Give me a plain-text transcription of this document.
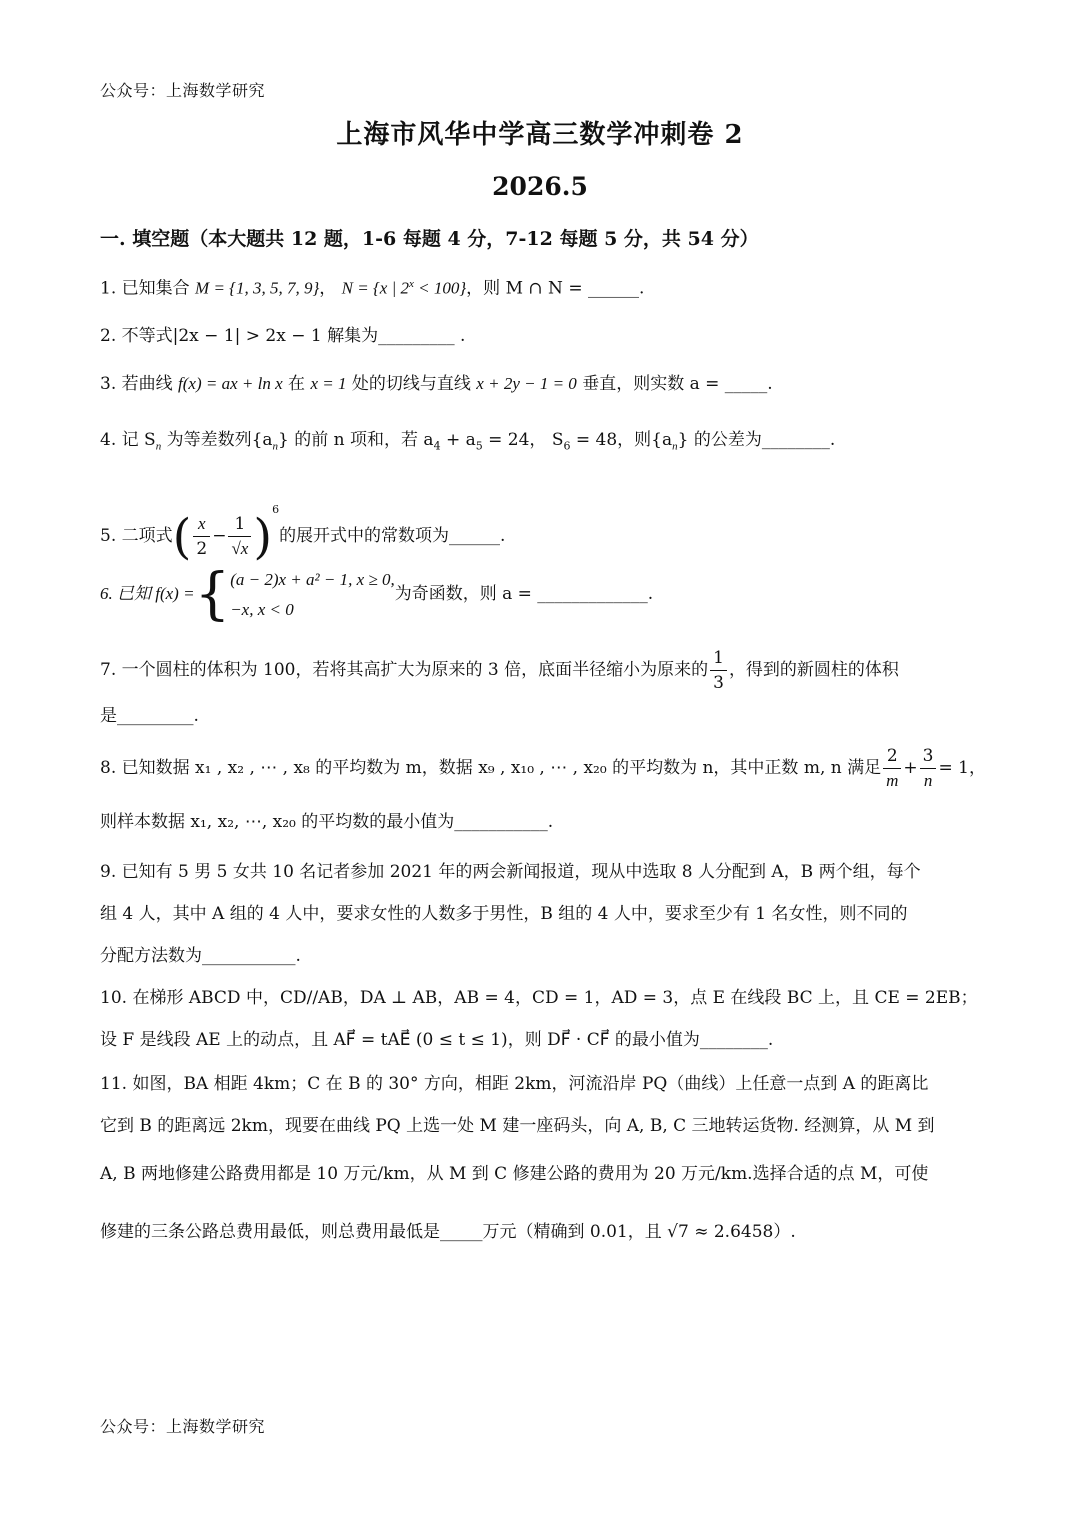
公众号：上海数学研究
上海市风华中学高三数学冲刺卷 2
2026.5
一. 填空题（本大题共 12 题，1-6 每题 4 分，7-12 每题 5 分，共 54 分）
1. 已知集合 M = {1, 3, 5, 7, 9}， N = {x | $2^x < 100$}，则 M ∩ N = ______.
2. 不等式|2x − 1| > 2x − 1 解集为_________ .
3. 若曲线 f(x) = ax + ln x 在 x = 1 处的切线与直线 x + 2y − 1 = 0 垂直，则实数 a = _____.
4. 记 $S_n$ 为等差数列$\{a_n\}$ 的前 n 项和，若 $a_4 + a_5 = 24$， $S_6 = 48$，则$\{a_n\}$ 的公差为________.
5. 二项式( $\frac{x}{2} - \frac{1}{√x} )^6$的展开式中的常数项为______.
6. 已知 f(x) ={ (a − 2)x + a² − 1, x ≥ 0,
−x, x < 0
为奇函数，则 a = _____________.
7. 一个圆柱的体积为 100，若将其高扩大为原来的 3 倍，底面半径缩小为原来的 $\frac{1}{3}$ ，得到的新圆柱的体积
是_________.
8. 已知数据 x₁ , x₂ , ⋯ , x₈ 的平均数为 m，数据 x₉ , x₁₀ , ⋯ , x₂₀ 的平均数为 n，其中正数 m, n 满足 $\frac{2}{m} + \frac{3}{n} = 1$，
则样本数据 x₁, x₂, ⋯, x₂₀ 的平均数的最小值为___________.
9. 已知有 5 男 5 女共 10 名记者参加 2021 年的两会新闻报道，现从中选取 8 人分配到 A，B 两个组，每个
组 4 人，其中 A 组的 4 人中，要求女性的人数多于男性，B 组的 4 人中，要求至少有 1 名女性，则不同的
分配方法数为___________.
10. 在梯形 ABCD 中，CD//AB，DA ⊥ AB，AB = 4，CD = 1，AD = 3，点 E 在线段 BC 上，且 CE = 2EB；
设 F 是线段 AE 上的动点，且 AF⃗ = tAE⃗ (0 ≤ t ≤ 1)，则 DF⃗ · CF⃗ 的最小值为________.
11. 如图，BA 相距 4km；C 在 B 的 30° 方向，相距 2km，河流沿岸 PQ（曲线）上任意一点到 A 的距离比
它到 B 的距离远 2km，现要在曲线 PQ 上选一处 M 建一座码头，向 A, B, C 三地转运货物. 经测算，从 M 到
A, B 两地修建公路费用都是 10 万元/km，从 M 到 C 修建公路的费用为 20 万元/km.选择合适的点 M，可使
修建的三条公路总费用最低，则总费用最低是_____万元（精确到 0.01，且 √7 ≈ 2.6458）.
公众号：上海数学研究
